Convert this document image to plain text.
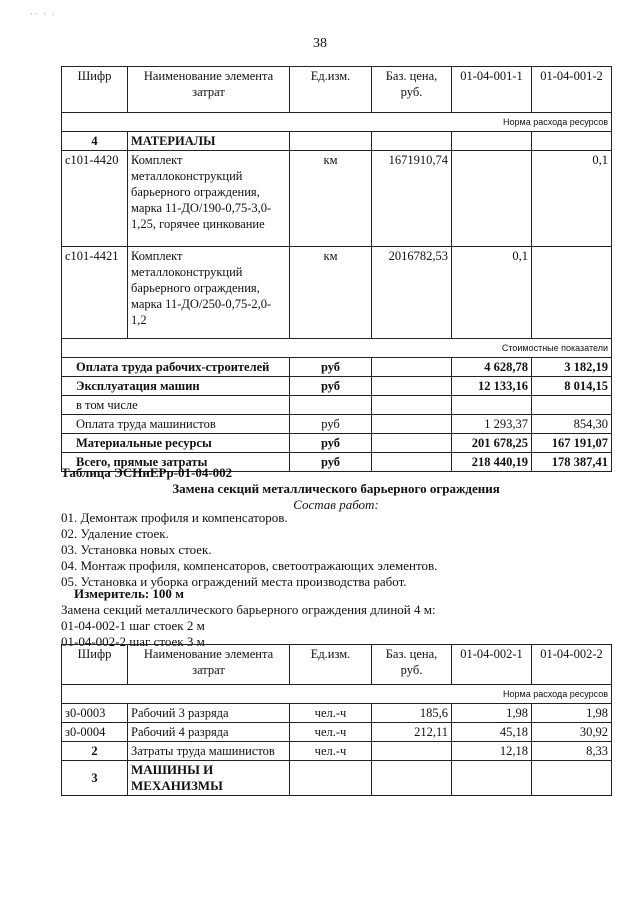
·· · ·
38
Шифр	Наименование элемента затрат	Ед.изм.	Баз. цена, руб.	01-04-001-1	01-04-001-2
Норма расхода ресурсов					
4	МАТЕРИАЛЫ				
с101-4420	Комплект металлоконструкций барьерного ограждения, марка 11-ДО/190-0,75-3,0-1,25, горячее цинкование	км	1671910,74		0,1
с101-4421	Комплект металлоконструкций барьерного ограждения, марка 11-ДО/250-0,75-2,0-1,2	км	2016782,53	0,1	
Стоимостные показатели					
Оплата труда рабочих-строителей		руб		4 628,78	3 182,19
Эксплуатация машин		руб		12 133,16	8 014,15
в том числе					
Оплата труда машинистов		руб		1 293,37	854,30
Материальные ресурсы		руб		201 678,25	167 191,07
Всего, прямые затраты		руб		218 440,19	178 387,41
Таблица ЭСНиЕРр-01-04-002
Замена секций металлического барьерного ограждения
Состав работ:
01. Демонтаж профиля и компенсаторов.
02. Удаление стоек.
03. Установка новых стоек.
04. Монтаж профиля, компенсаторов, светоотражающих элементов.
05. Установка и уборка ограждений места производства работ.
Измеритель: 100 м
Замена секций металлического барьерного ограждения длиной 4 м:
01-04-002-1 шаг стоек 2 м
01-04-002-2 шаг стоек 3 м
Шифр	Наименование элемента затрат	Ед.изм.	Баз. цена, руб.	01-04-002-1	01-04-002-2
Норма расхода ресурсов					
з0-0003	Рабочий 3 разряда	чел.-ч	185,6	1,98	1,98
з0-0004	Рабочий 4 разряда	чел.-ч	212,11	45,18	30,92
2	Затраты труда машинистов	чел.-ч		12,18	8,33
3	МАШИНЫ И МЕХАНИЗМЫ				
